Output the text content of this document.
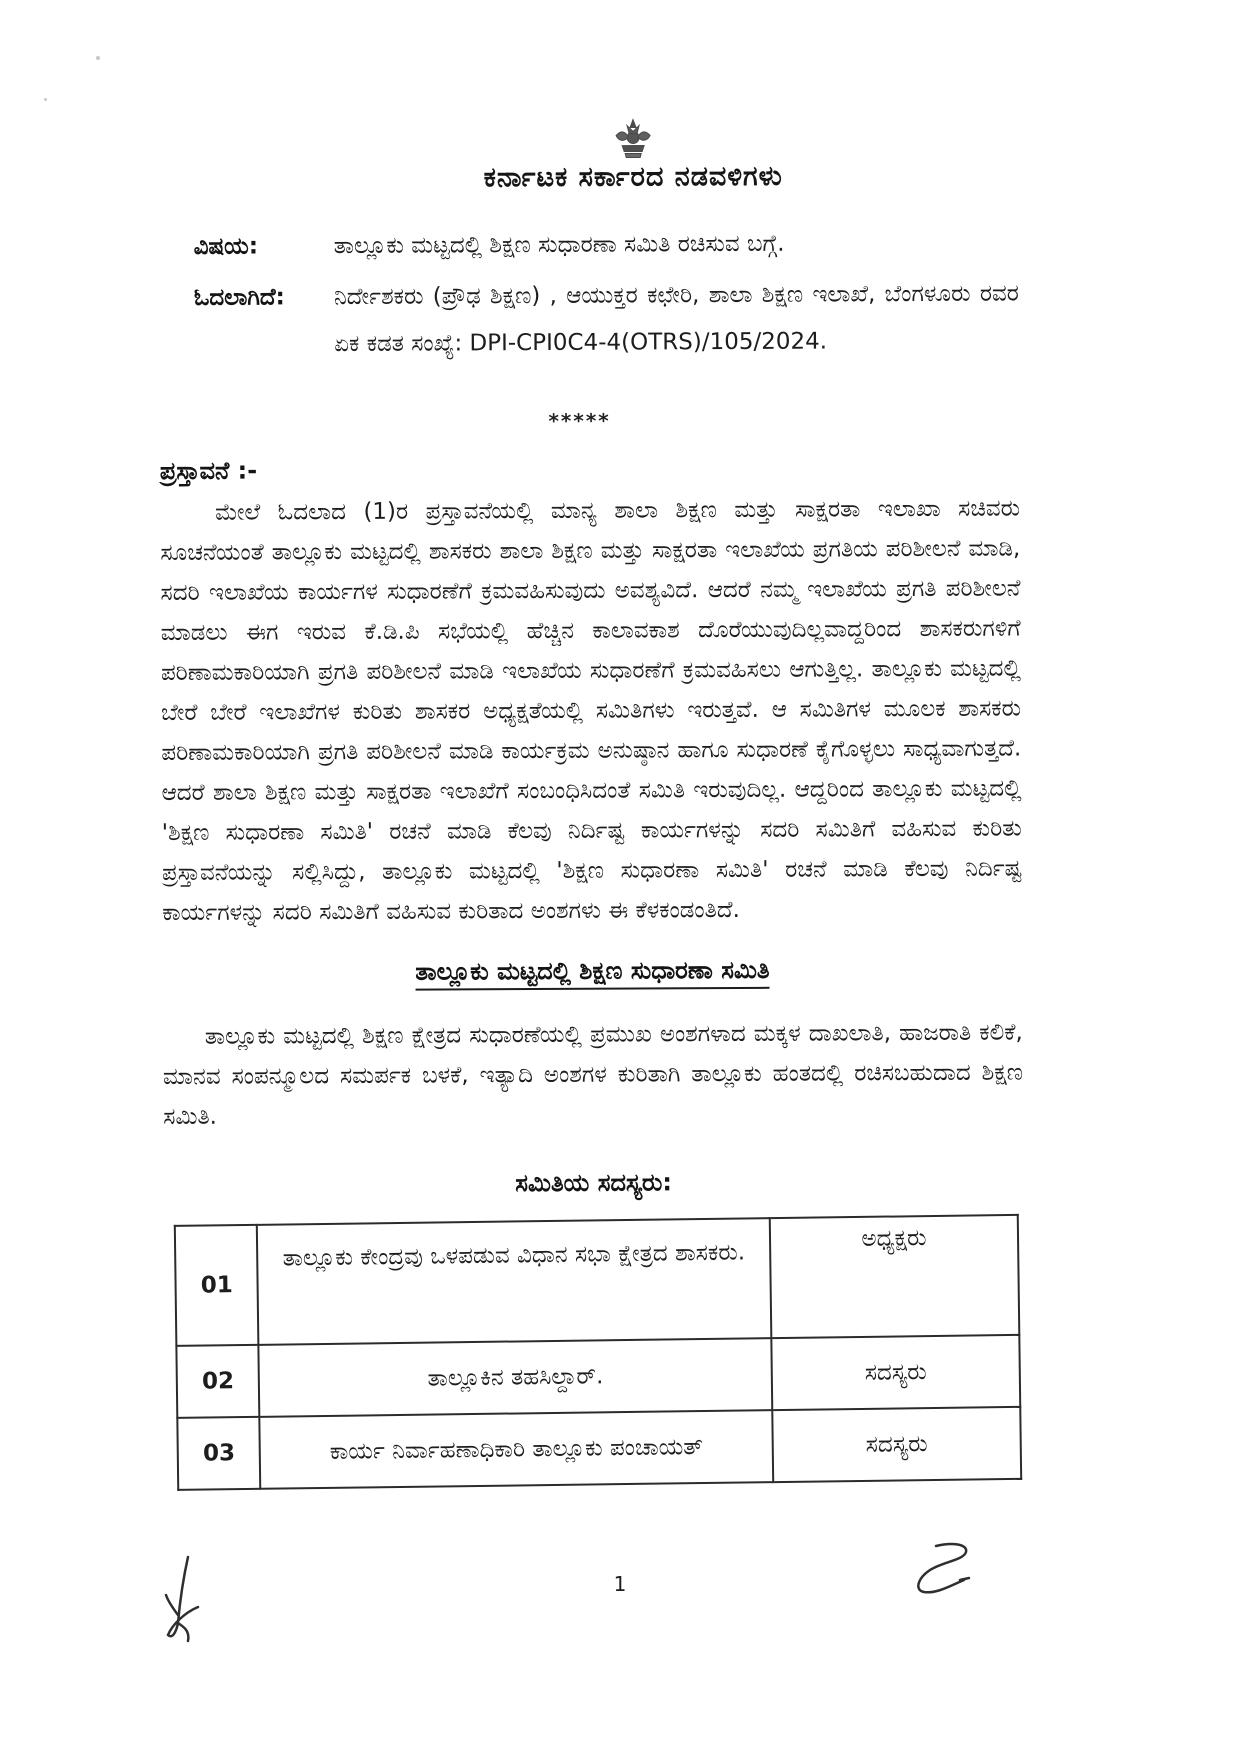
ಕರ್ನಾಟಕ ಸರ್ಕಾರದ ನಡವಳಿಗಳು
ವಿಷಯ:	ತಾಲ್ಲೂಕು ಮಟ್ಟದಲ್ಲಿ ಶಿಕ್ಷಣ ಸುಧಾರಣಾ ಸಮಿತಿ ರಚಿಸುವ ಬಗ್ಗೆ.
ಓದಲಾಗಿದೆ:	ನಿರ್ದೇಶಕರು (ಪ್ರೌಢ ಶಿಕ್ಷಣ) , ಆಯುಕ್ತರ ಕಛೇರಿ, ಶಾಲಾ ಶಿಕ್ಷಣ ಇಲಾಖೆ, ಬೆಂಗಳೂರು ರವರ ಏಕ ಕಡತ ಸಂಖ್ಯೆ: DPI-CPI0C4-4(OTRS)/105/2024.
*****
ಪ್ರಸ್ತಾವನೆ :-

ಮೇಲೆ ಓದಲಾದ (1)ರ ಪ್ರಸ್ತಾವನೆಯಲ್ಲಿ ಮಾನ್ಯ ಶಾಲಾ ಶಿಕ್ಷಣ ಮತ್ತು ಸಾಕ್ಷರತಾ ಇಲಾಖಾ ಸಚಿವರು ಸೂಚನೆಯಂತೆ ತಾಲ್ಲೂಕು ಮಟ್ಟದಲ್ಲಿ ಶಾಸಕರು ಶಾಲಾ ಶಿಕ್ಷಣ ಮತ್ತು ಸಾಕ್ಷರತಾ ಇಲಾಖೆಯ ಪ್ರಗತಿಯ ಪರಿಶೀಲನೆ ಮಾಡಿ, ಸದರಿ ಇಲಾಖೆಯ ಕಾರ್ಯಗಳ ಸುಧಾರಣೆಗೆ ಕ್ರಮವಹಿಸುವುದು ಅವಶ್ಯವಿದೆ. ಆದರೆ ನಮ್ಮ ಇಲಾಖೆಯ ಪ್ರಗತಿ ಪರಿಶೀಲನೆ ಮಾಡಲು ಈಗ ಇರುವ ಕೆ.ಡಿ.ಪಿ ಸಭೆಯಲ್ಲಿ ಹೆಚ್ಚಿನ ಕಾಲಾವಕಾಶ ದೊರೆಯುವುದಿಲ್ಲವಾದ್ದರಿಂದ ಶಾಸಕರುಗಳಿಗೆ ಪರಿಣಾಮಕಾರಿಯಾಗಿ ಪ್ರಗತಿ ಪರಿಶೀಲನೆ ಮಾಡಿ ಇಲಾಖೆಯ ಸುಧಾರಣೆಗೆ ಕ್ರಮವಹಿಸಲು ಆಗುತ್ತಿಲ್ಲ. ತಾಲ್ಲೂಕು ಮಟ್ಟದಲ್ಲಿ ಬೇರೆ ಬೇರೆ ಇಲಾಖೆಗಳ ಕುರಿತು ಶಾಸಕರ ಅಧ್ಯಕ್ಷತೆಯಲ್ಲಿ ಸಮಿತಿಗಳು ಇರುತ್ತವೆ. ಆ ಸಮಿತಿಗಳ ಮೂಲಕ ಶಾಸಕರು ಪರಿಣಾಮಕಾರಿಯಾಗಿ ಪ್ರಗತಿ ಪರಿಶೀಲನೆ ಮಾಡಿ ಕಾರ್ಯಕ್ರಮ ಅನುಷ್ಠಾನ ಹಾಗೂ ಸುಧಾರಣೆ ಕೈಗೊಳ್ಳಲು ಸಾಧ್ಯವಾಗುತ್ತದೆ. ಆದರೆ ಶಾಲಾ ಶಿಕ್ಷಣ ಮತ್ತು ಸಾಕ್ಷರತಾ ಇಲಾಖೆಗೆ ಸಂಬಂಧಿಸಿದಂತೆ ಸಮಿತಿ ಇರುವುದಿಲ್ಲ. ಆದ್ದರಿಂದ ತಾಲ್ಲೂಕು ಮಟ್ಟದಲ್ಲಿ 'ಶಿಕ್ಷಣ ಸುಧಾರಣಾ ಸಮಿತಿ' ರಚನೆ ಮಾಡಿ ಕೆಲವು ನಿರ್ದಿಷ್ಟ ಕಾರ್ಯಗಳನ್ನು ಸದರಿ ಸಮಿತಿಗೆ ವಹಿಸುವ ಕುರಿತು ಪ್ರಸ್ತಾವನೆಯನ್ನು ಸಲ್ಲಿಸಿದ್ದು, ತಾಲ್ಲೂಕು ಮಟ್ಟದಲ್ಲಿ 'ಶಿಕ್ಷಣ ಸುಧಾರಣಾ ಸಮಿತಿ' ರಚನೆ ಮಾಡಿ ಕೆಲವು ನಿರ್ದಿಷ್ಟ ಕಾರ್ಯಗಳನ್ನು ಸದರಿ ಸಮಿತಿಗೆ ವಹಿಸುವ ಕುರಿತಾದ ಅಂಶಗಳು ಈ ಕೆಳಕಂಡಂತಿದೆ.

ತಾಲ್ಲೂಕು ಮಟ್ಟದಲ್ಲಿ ಶಿಕ್ಷಣ ಸುಧಾರಣಾ ಸಮಿತಿ

ತಾಲ್ಲೂಕು ಮಟ್ಟದಲ್ಲಿ ಶಿಕ್ಷಣ ಕ್ಷೇತ್ರದ ಸುಧಾರಣೆಯಲ್ಲಿ ಪ್ರಮುಖ ಅಂಶಗಳಾದ ಮಕ್ಕಳ ದಾಖಲಾತಿ, ಹಾಜರಾತಿ ಕಲಿಕೆ, ಮಾನವ ಸಂಪನ್ಮೂಲದ ಸಮರ್ಪಕ ಬಳಕೆ, ಇತ್ಯಾದಿ ಅಂಶಗಳ ಕುರಿತಾಗಿ ತಾಲ್ಲೂಕು ಹಂತದಲ್ಲಿ ರಚಿಸಬಹುದಾದ ಶಿಕ್ಷಣ ಸಮಿತಿ.

ಸಮಿತಿಯ ಸದಸ್ಯರು:
01	ತಾಲ್ಲೂಕು ಕೇಂದ್ರವು ಒಳಪಡುವ ವಿಧಾನ ಸಭಾ ಕ್ಷೇತ್ರದ ಶಾಸಕರು.	ಅಧ್ಯಕ್ಷರು
02	ತಾಲ್ಲೂಕಿನ ತಹಸಿಲ್ದಾರ್.	ಸದಸ್ಯರು
03	ಕಾರ್ಯ ನಿರ್ವಾಹಣಾಧಿಕಾರಿ ತಾಲ್ಲೂಕು ಪಂಚಾಯತ್	ಸದಸ್ಯರು
1
